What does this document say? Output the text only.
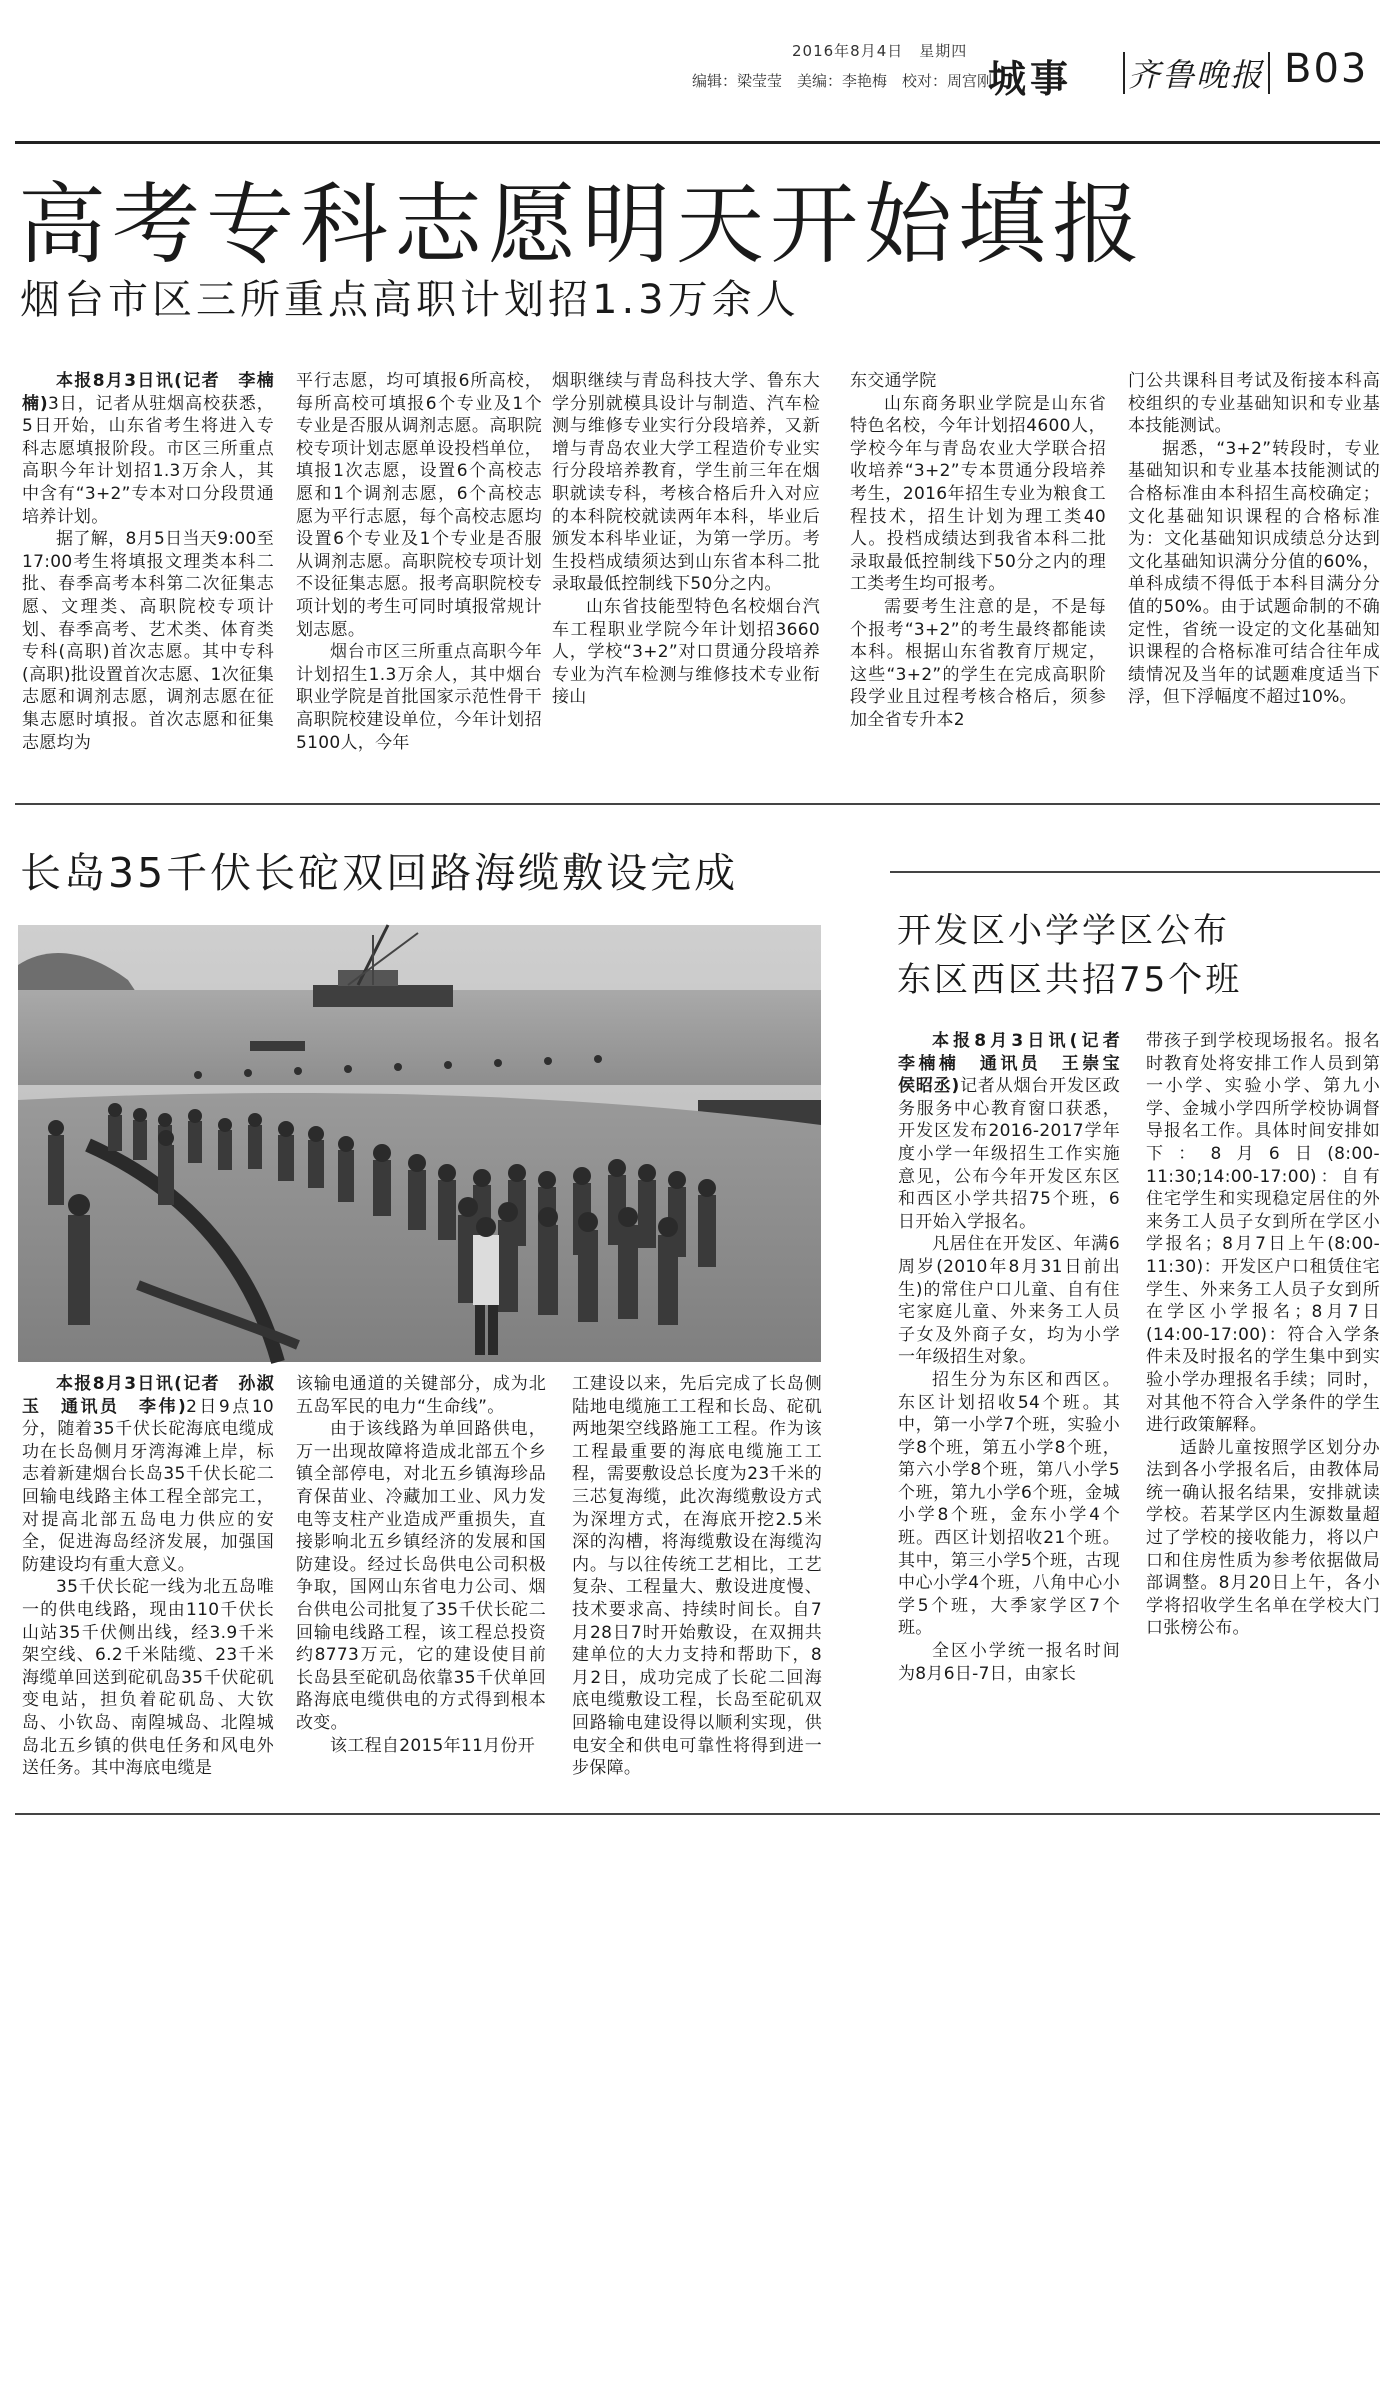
2016年8月4日　星期四
编辑：梁莹莹　美编：李艳梅　校对：周宫刚
城事 齐鲁晚报 B03
高考专科志愿明天开始填报
烟台市区三所重点高职计划招1.3万余人

本报8月3日讯(记者　李楠楠)3日，记者从驻烟高校获悉，5日开始，山东省考生将进入专科志愿填报阶段。市区三所重点高职今年计划招1.3万余人，其中含有“3+2”专本对口分段贯通培养计划。

据了解，8月5日当天9:00至17:00考生将填报文理类本科二批、春季高考本科第二次征集志愿、文理类、高职院校专项计划、春季高考、艺术类、体育类专科(高职)首次志愿。其中专科(高职)批设置首次志愿、1次征集志愿和调剂志愿，调剂志愿在征集志愿时填报。首次志愿和征集志愿均为

平行志愿，均可填报6所高校，每所高校可填报6个专业及1个专业是否服从调剂志愿。高职院校专项计划志愿单设投档单位，填报1次志愿，设置6个高校志愿和1个调剂志愿，6个高校志愿为平行志愿，每个高校志愿均设置6个专业及1个专业是否服从调剂志愿。高职院校专项计划不设征集志愿。报考高职院校专项计划的考生可同时填报常规计划志愿。

烟台市区三所重点高职今年计划招生1.3万余人，其中烟台职业学院是首批国家示范性骨干高职院校建设单位，今年计划招5100人，今年

烟职继续与青岛科技大学、鲁东大学分别就模具设计与制造、汽车检测与维修专业实行分段培养，又新增与青岛农业大学工程造价专业实行分段培养教育，学生前三年在烟职就读专科，考核合格后升入对应的本科院校就读两年本科，毕业后颁发本科毕业证，为第一学历。考生投档成绩须达到山东省本科二批录取最低控制线下50分之内。

山东省技能型特色名校烟台汽车工程职业学院今年计划招3660人，学校“3+2”对口贯通分段培养专业为汽车检测与维修技术专业衔接山

东交通学院

山东商务职业学院是山东省特色名校，今年计划招4600人，学校今年与青岛农业大学联合招收培养“3+2”专本贯通分段培养考生，2016年招生专业为粮食工程技术，招生计划为理工类40人。投档成绩达到我省本科二批录取最低控制线下50分之内的理工类考生均可报考。

需要考生注意的是，不是每个报考“3+2”的考生最终都能读本科。根据山东省教育厅规定，这些“3+2”的学生在完成高职阶段学业且过程考核合格后，须参加全省专升本2

门公共课科目考试及衔接本科高校组织的专业基础知识和专业基本技能测试。

据悉，“3+2”转段时，专业基础知识和专业基本技能测试的合格标准由本科招生高校确定；文化基础知识课程的合格标准为：文化基础知识成绩总分达到文化基础知识满分分值的60%，单科成绩不得低于本科目满分分值的50%。由于试题命制的不确定性，省统一设定的文化基础知识课程的合格标准可结合往年成绩情况及当年的试题难度适当下浮，但下浮幅度不超过10%。

长岛35千伏长砣双回路海缆敷设完成

本报8月3日讯(记者　孙淑玉　通讯员　李伟)2日9点10分，随着35千伏长砣海底电缆成功在长岛侧月牙湾海滩上岸，标志着新建烟台长岛35千伏长砣二回输电线路主体工程全部完工，对提高北部五岛电力供应的安全，促进海岛经济发展，加强国防建设均有重大意义。

35千伏长砣一线为北五岛唯一的供电线路，现由110千伏长山站35千伏侧出线，经3.9千米架空线、6.2千米陆缆、23千米海缆单回送到砣矶岛35千伏砣矶变电站，担负着砣矶岛、大钦岛、小钦岛、南隍城岛、北隍城岛北五乡镇的供电任务和风电外送任务。其中海底电缆是

该输电通道的关键部分，成为北五岛军民的电力“生命线”。

由于该线路为单回路供电，万一出现故障将造成北部五个乡镇全部停电，对北五乡镇海珍品育保苗业、冷藏加工业、风力发电等支柱产业造成严重损失，直接影响北五乡镇经济的发展和国防建设。经过长岛供电公司积极争取，国网山东省电力公司、烟台供电公司批复了35千伏长砣二回输电线路工程，该工程总投资约8773万元，它的建设使目前长岛县至砣矶岛依靠35千伏单回路海底电缆供电的方式得到根本改变。

该工程自2015年11月份开

工建设以来，先后完成了长岛侧陆地电缆施工工程和长岛、砣矶两地架空线路施工工程。作为该工程最重要的海底电缆施工工程，需要敷设总长度为23千米的三芯复海缆，此次海缆敷设方式为深埋方式，在海底开挖2.5米深的沟槽，将海缆敷设在海缆沟内。与以往传统工艺相比，工艺复杂、工程量大、敷设进度慢、技术要求高、持续时间长。自7月28日7时开始敷设，在双拥共建单位的大力支持和帮助下，8月2日，成功完成了长砣二回海底电缆敷设工程，长岛至砣矶双回路输电建设得以顺利实现，供电安全和供电可靠性将得到进一步保障。

开发区小学学区公布
东区西区共招75个班

本报8月3日讯(记者　李楠楠　通讯员　王崇宝　侯昭丞)记者从烟台开发区政务服务中心教育窗口获悉，开发区发布2016-2017学年度小学一年级招生工作实施意见，公布今年开发区东区和西区小学共招75个班，6日开始入学报名。

凡居住在开发区、年满6周岁(2010年8月31日前出生)的常住户口儿童、自有住宅家庭儿童、外来务工人员子女及外商子女，均为小学一年级招生对象。

招生分为东区和西区。东区计划招收54个班。其中，第一小学7个班，实验小学8个班，第五小学8个班，第六小学8个班，第八小学5个班，第九小学6个班，金城小学8个班，金东小学4个班。西区计划招收21个班。其中，第三小学5个班，古现中心小学4个班，八角中心小学5个班，大季家学区7个班。

全区小学统一报名时间为8月6日-7日，由家长

带孩子到学校现场报名。报名时教育处将安排工作人员到第一小学、实验小学、第九小学、金城小学四所学校协调督导报名工作。具体时间安排如下：8月6日(8:00-11:30;14:00-17:00)：自有住宅学生和实现稳定居住的外来务工人员子女到所在学区小学报名；8月7日上午(8:00-11:30)：开发区户口租赁住宅学生、外来务工人员子女到所在学区小学报名；8月7日(14:00-17:00)：符合入学条件未及时报名的学生集中到实验小学办理报名手续；同时，对其他不符合入学条件的学生进行政策解释。

适龄儿童按照学区划分办法到各小学报名后，由教体局统一确认报名结果，安排就读学校。若某学区内生源数量超过了学校的接收能力，将以户口和住房性质为参考依据做局部调整。8月20日上午，各小学将招收学生名单在学校大门口张榜公布。
